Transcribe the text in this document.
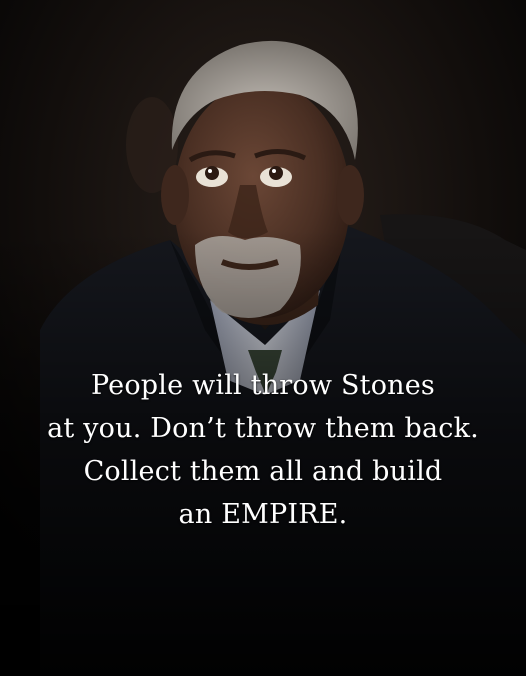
People will throw Stones
at you. Don’t throw them back.
Collect them all and build
an EMPIRE.
